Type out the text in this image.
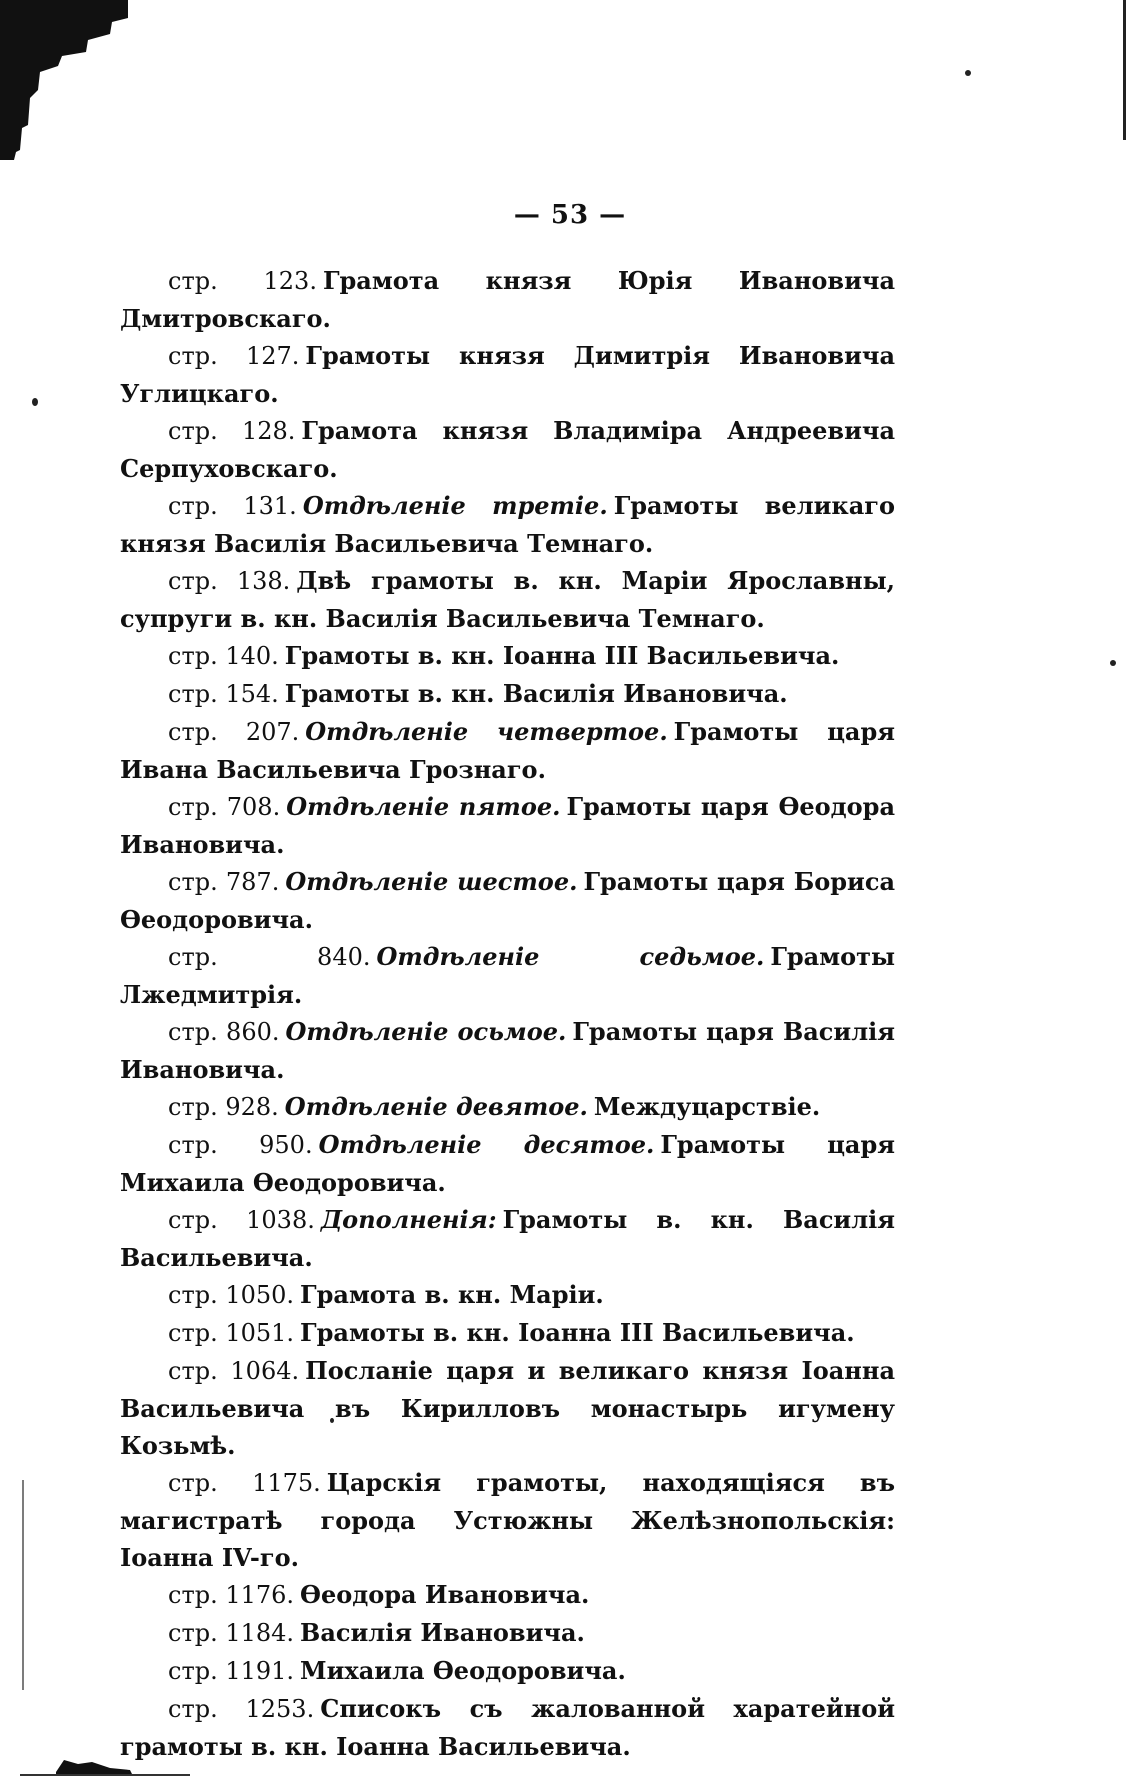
— 53 —

стр. 123. Грамота князя Юрія Ивановича Дмитровскаго.

стр. 127. Грамоты князя Димитрія Ивановича Углицкаго.

стр. 128. Грамота князя Владиміра Андреевича Серпуховскаго.

стр. 131. Отдѣленіе третіе. Грамоты великаго князя Василія Васильевича Темнаго.

стр. 138. Двѣ грамоты в. кн. Маріи Ярославны, супруги в. кн. Василія Васильевича Темнаго.

стр. 140. Грамоты в. кн. Іоанна III Васильевича.

стр. 154. Грамоты в. кн. Василія Ивановича.

стр. 207. Отдѣленіе четвертое. Грамоты царя Ивана Васильевича Грознаго.

стр. 708. Отдѣленіе пятое. Грамоты царя Ѳеодора Ивановича.

стр. 787. Отдѣленіе шестое. Грамоты царя Бориса Ѳеодоровича.

стр. 840. Отдѣленіе седьмое. Грамоты Лжедмитрія.

стр. 860. Отдѣленіе осьмое. Грамоты царя Василія Ивановича.

стр. 928. Отдѣленіе девятое. Междуцарствіе.

стр. 950. Отдѣленіе десятое. Грамоты царя Михаила Ѳеодоровича.

стр. 1038. Дополненія: Грамоты в. кн. Василія Васильевича.

стр. 1050. Грамота в. кн. Маріи.

стр. 1051. Грамоты в. кн. Іоанна III Васильевича.

стр. 1064. Посланіе царя и великаго князя Іоанна Васильевича въ Кирилловъ монастырь игумену Козьмѣ.

стр. 1175. Царскія грамоты, находящіяся въ магистратѣ города Устюжны Желѣзнопольскія: Іоанна IV-го.

стр. 1176. Ѳеодора Ивановича.

стр. 1184. Василія Ивановича.

стр. 1191. Михаила Ѳеодоровича.

стр. 1253. Списокъ съ жалованной харатейной грамоты в. кн. Іоанна Васильевича.
